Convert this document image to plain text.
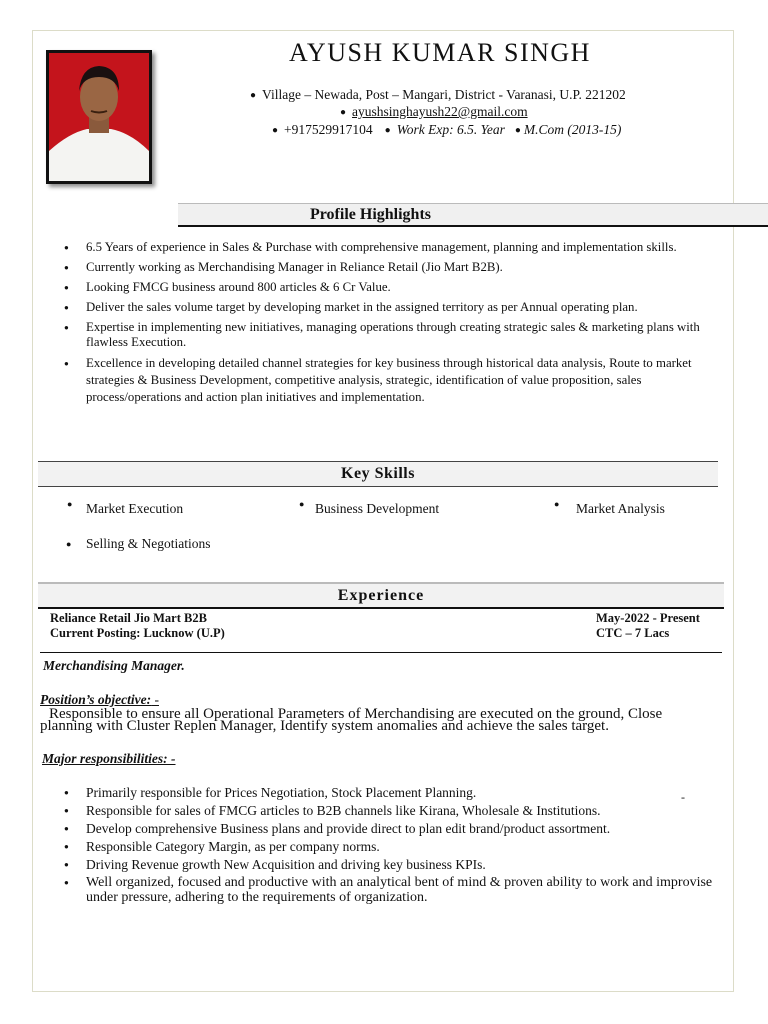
AYUSH KUMAR SINGH
● Village – Newada, Post – Mangari, District - Varanasi, U.P. 221202
● ayushsinghayush22@gmail.com
● +917529917104 ● Work Exp: 6.5. Year ● M.Com (2013-15)
Profile Highlights
● 6.5 Years of experience in Sales & Purchase with comprehensive management, planning and implementation skills.
● Currently working as Merchandising Manager in Reliance Retail (Jio Mart B2B).
● Looking FMCG business around 800 articles & 6 Cr Value.
● Deliver the sales volume target by developing market in the assigned territory as per Annual operating plan.
● Expertise in implementing new initiatives, managing operations through creating strategic sales & marketing plans with flawless Execution.
● Excellence in developing detailed channel strategies for key business through historical data analysis, Route to market strategies & Business Development, competitive analysis, strategic, identification of value proposition, sales process/operations and action plan initiatives and implementation.
Key Skills
● Market Execution	● Business Development	● Market Analysis
● Selling & Negotiations
Experience
Reliance Retail Jio Mart B2B
Current Posting: Lucknow (U.P)
May-2022 - Present
CTC – 7 Lacs
Merchandising Manager.
Position’s objective: -
Responsible to ensure all Operational Parameters of Merchandising are executed on the ground, Close
planning with Cluster Replen Manager, Identify system anomalies and achieve the sales target.
Major responsibilities: -
● Primarily responsible for Prices Negotiation, Stock Placement Planning.
● Responsible for sales of FMCG articles to B2B channels like Kirana, Wholesale & Institutions.
● Develop comprehensive Business plans and provide direct to plan edit brand/product assortment.
● Responsible Category Margin, as per company norms.
● Driving Revenue growth New Acquisition and driving key business KPIs.
● Well organized, focused and productive with an analytical bent of mind & proven ability to work and improvise under pressure, adhering to the requirements of organization.
-
